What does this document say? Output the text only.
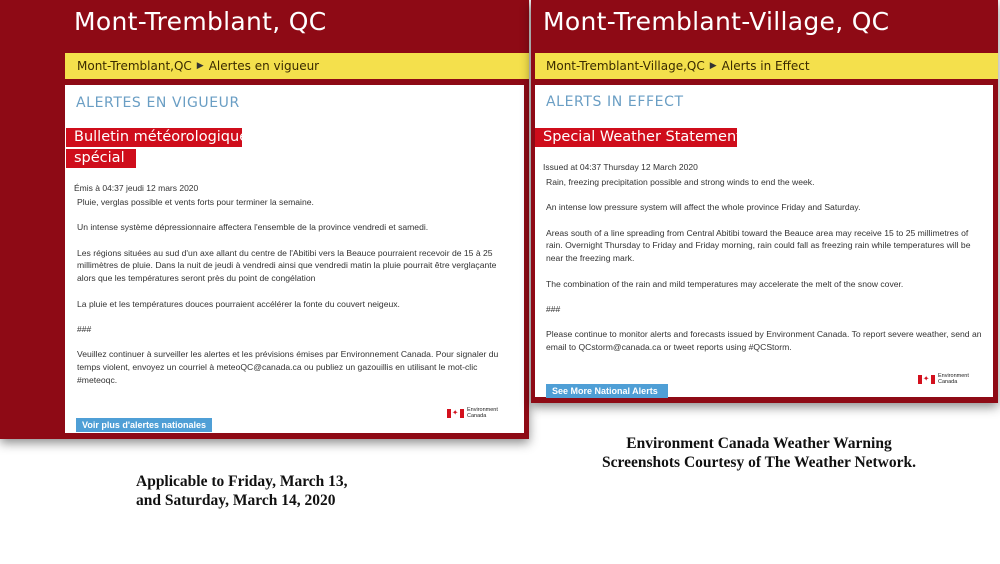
Mont-Tremblant, QC
Mont-Tremblant,QC ▶ Alertes en vigueur
ALERTES EN VIGUEUR
Bulletin météorologique
spécial
Émis à 04:37 jeudi 12 mars 2020

Pluie, verglas possible et vents forts pour terminer la semaine.

Un intense système dépressionnaire affectera l'ensemble de la province vendredi et samedi.

Les régions situées au sud d'un axe allant du centre de l'Abitibi vers la Beauce pourraient recevoir de 15 à 25 millimètres de pluie. Dans la nuit de jeudi à vendredi ainsi que vendredi matin la pluie pourrait être verglaçante alors que les températures seront près du point de congélation

La pluie et les températures douces pourraient accélérer la fonte du couvert neigeux.

###

Veuillez continuer à surveiller les alertes et les prévisions émises par Environnement Canada. Pour signaler du temps violent, envoyez un courriel à meteoQC@canada.ca ou publiez un gazouillis en utilisant le mot-clic #meteoqc.

✦ Environment
Canada
Voir plus d'alertes nationales
Mont-Tremblant-Village, QC
Mont-Tremblant-Village,QC ▶ Alerts in Effect
ALERTS IN EFFECT
Special Weather Statement
Issued at 04:37 Thursday 12 March 2020

Rain, freezing precipitation possible and strong winds to end the week.

An intense low pressure system will affect the whole province Friday and Saturday.

Areas south of a line spreading from Central Abitibi toward the Beauce area may receive 15 to 25 millimetres of rain. Overnight Thursday to Friday and Friday morning, rain could fall as freezing rain while temperatures will be near the freezing mark.

The combination of the rain and mild temperatures may accelerate the melt of the snow cover.

###

Please continue to monitor alerts and forecasts issued by Environment Canada. To report severe weather, send an email to QCstorm@canada.ca or tweet reports using #QCStorm.

✦ Environment
Canada
See More National Alerts
Applicable to Friday, March 13,
and Saturday, March 14, 2020
Environment Canada Weather Warning
Screenshots Courtesy of The Weather Network.
